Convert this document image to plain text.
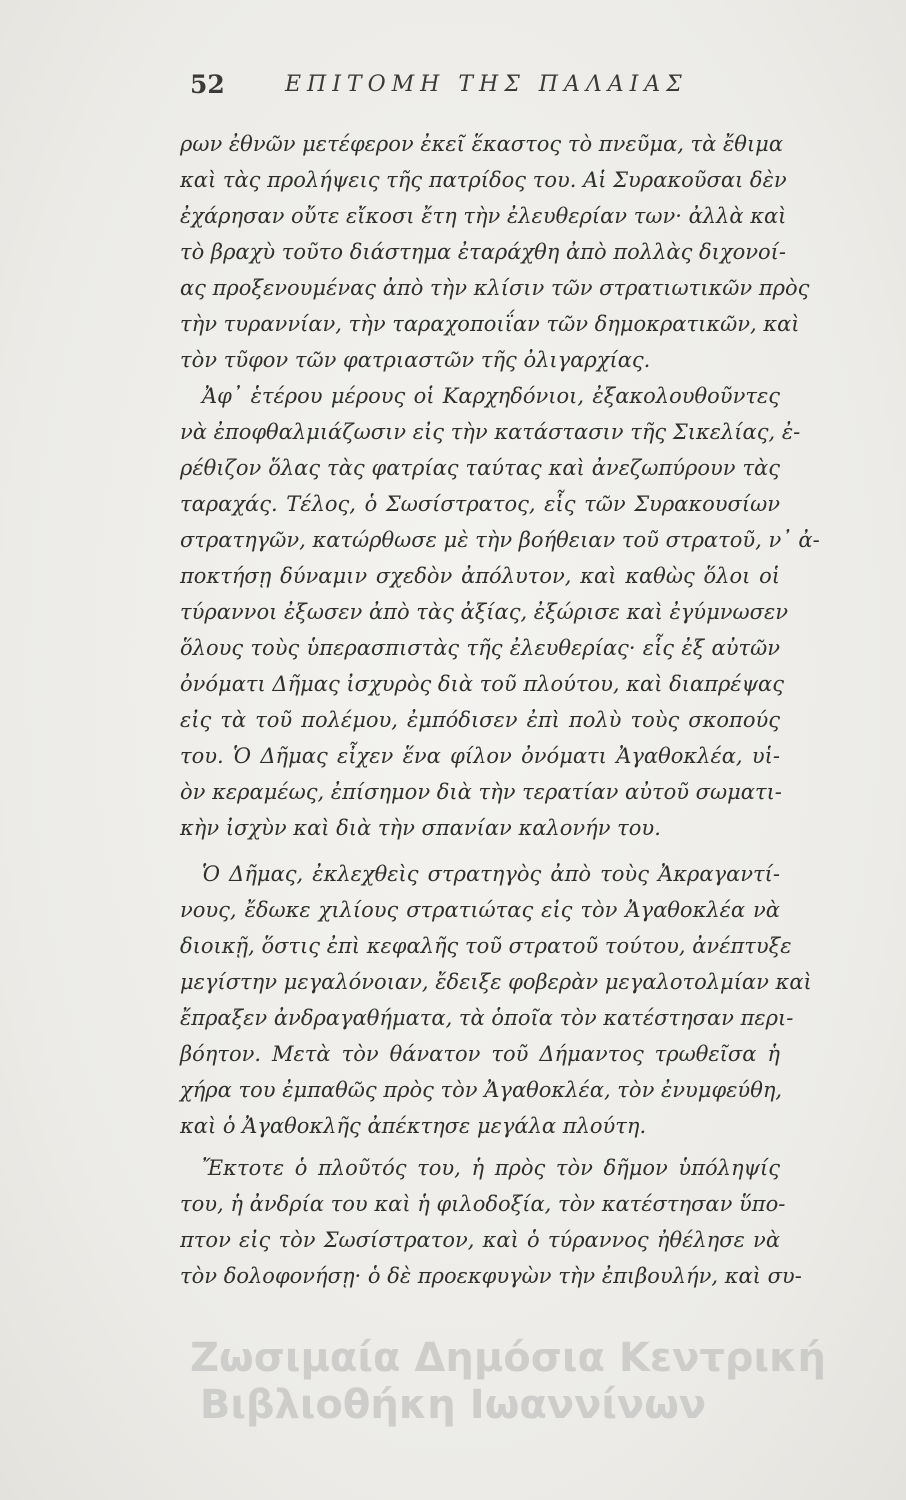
52	ΕΠΙΤΟΜΗ ΤΗΣ ΠΑΛΑΙΑΣ
ρων ἐθνῶν μετέφερον ἐκεῖ ἕκαστος τὸ πνεῦμα, τὰ ἔθιμα
καὶ τὰς προλήψεις τῆς πατρίδος του. Αἱ Συρακοῦσαι δὲν
ἐχάρησαν οὔτε εἴκοσι ἔτη τὴν ἐλευθερίαν των· ἀλλὰ καὶ
τὸ βραχὺ τοῦτο διάστημα ἐταράχθη ἀπὸ πολλὰς διχονοί-
ας προξενουμένας ἀπὸ τὴν κλίσιν τῶν στρατιωτικῶν πρὸς
τὴν τυραννίαν, τὴν ταραχοποιΐαν τῶν δημοκρατικῶν, καὶ
τὸν τῦφον τῶν φατριαστῶν τῆς ὀλιγαρχίας.
Ἀφ᾽ ἑτέρου μέρους οἱ Καρχηδόνιοι, ἐξακολουθοῦντες
νὰ ἐποφθαλμιάζωσιν εἰς τὴν κατάστασιν τῆς Σικελίας, ἐ-
ρέθιζον ὅλας τὰς φατρίας ταύτας καὶ ἀνεζωπύρουν τὰς
ταραχάς. Τέλος, ὁ Σωσίστρατος, εἷς τῶν Συρακουσίων
στρατηγῶν, κατώρθωσε μὲ τὴν βοήθειαν τοῦ στρατοῦ, ν᾽ ἀ-
ποκτήσῃ δύναμιν σχεδὸν ἀπόλυτον, καὶ καθὼς ὅλοι οἱ
τύραννοι ἐξωσεν ἀπὸ τὰς ἀξίας, ἐξώρισε καὶ ἐγύμνωσεν
ὅλους τοὺς ὑπερασπιστὰς τῆς ἐλευθερίας· εἷς ἐξ αὐτῶν
ὀνόματι Δῆμας ἰσχυρὸς διὰ τοῦ πλούτου, καὶ διαπρέψας
εἰς τὰ τοῦ πολέμου, ἐμπόδισεν ἐπὶ πολὺ τοὺς σκοπούς
του. Ὁ Δῆμας εἶχεν ἕνα φίλον ὀνόματι Ἀγαθοκλέα, υἱ-
ὸν κεραμέως, ἐπίσημον διὰ τὴν τερατίαν αὐτοῦ σωματι-
κὴν ἰσχὺν καὶ διὰ τὴν σπανίαν καλονήν του.
Ὁ Δῆμας, ἐκλεχθεὶς στρατηγὸς ἀπὸ τοὺς Ἀκραγαντί-
νους, ἔδωκε χιλίους στρατιώτας εἰς τὸν Ἀγαθοκλέα νὰ
διοικῇ, ὅστις ἐπὶ κεφαλῆς τοῦ στρατοῦ τούτου, ἀνέπτυξε
μεγίστην μεγαλόνοιαν, ἔδειξε φοβερὰν μεγαλοτολμίαν καὶ
ἔπραξεν ἀνδραγαθήματα, τὰ ὁποῖα τὸν κατέστησαν περι-
βόητον. Μετὰ τὸν θάνατον τοῦ Δήμαντος τρωθεῖσα ἡ
χήρα του ἐμπαθῶς πρὸς τὸν Ἀγαθοκλέα, τὸν ἐνυμφεύθη,
καὶ ὁ Ἀγαθοκλῆς ἀπέκτησε μεγάλα πλούτη.
Ἔκτοτε ὁ πλοῦτός του, ἡ πρὸς τὸν δῆμον ὑπόληψίς
του, ἡ ἀνδρία του καὶ ἡ φιλοδοξία, τὸν κατέστησαν ὕπο-
πτον εἰς τὸν Σωσίστρατον, καὶ ὁ τύραννος ἠθέλησε νὰ
τὸν δολοφονήσῃ· ὁ δὲ προεκφυγὼν τὴν ἐπιβουλήν, καὶ συ-
Ζωσιμαία Δημόσια Κεντρική
Βιβλιοθήκη Ιωαννίνων
